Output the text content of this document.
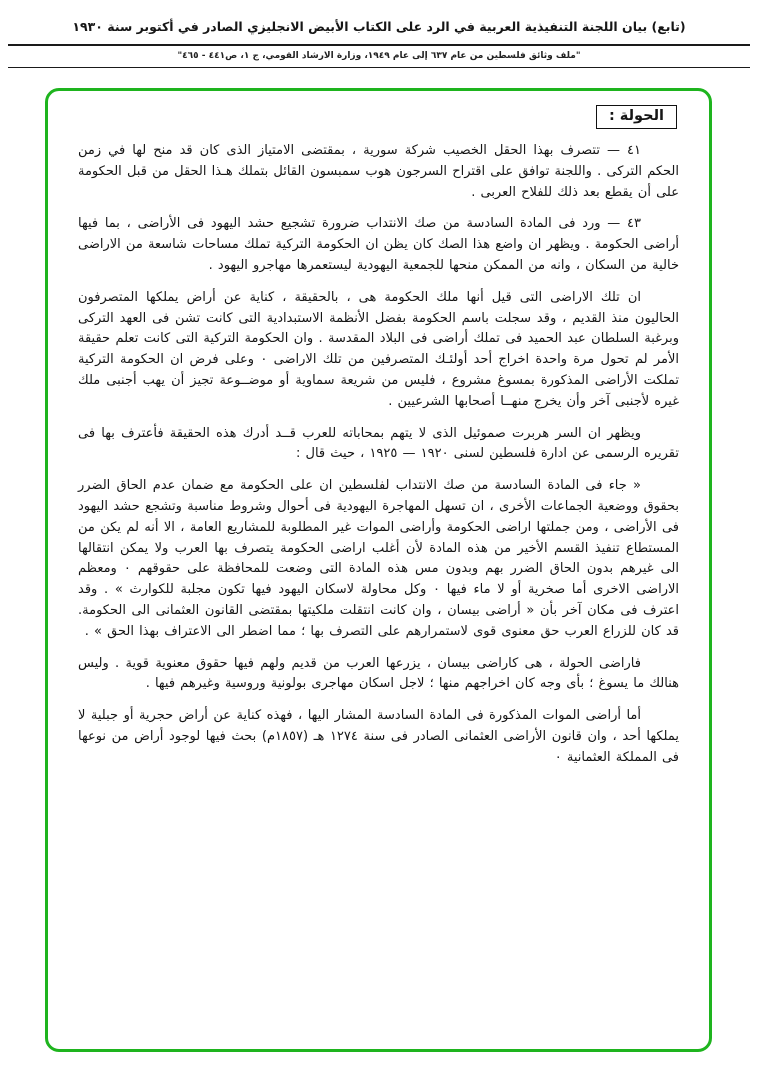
(تابع) بيان اللجنة التنفيذية العربية في الرد على الكتاب الأبيض الانجليزي الصادر في أكتوبر سنة ١٩٣٠
"ملف وثائق فلسطين من عام ٦٣٧ إلى عام ١٩٤٩، وزارة الارشاد القومي، ج ١، ص٤٤١ - ٤٦٥"
الحولة :

٤١ — تتصرف بهذا الحقل الخصيب شركة سورية ، بمقتضى الامتياز الذى كان قد منح لها في زمن الحكم التركى . واللجنة توافق على اقتراح السرجون هوب سمبسون القائل بتملك هـذا الحقل من قبل الحكومة على أن يقطع بعد ذلك للفلاح العربى .

٤٣ — ورد فى المادة السادسة من صك الانتداب ضرورة تشجيع حشد اليهود فى الأراضى ، بما فيها أراضى الحكومة . ويظهر ان واضع هذا الصك كان يظن ان الحكومة التركية تملك مساحات شاسعة من الاراضى خالية من السكان ، وانه من الممكن منحها للجمعية اليهودية ليستعمرها مهاجرو اليهود .

ان تلك الاراضى التى قيل أنها ملك الحكومة هى ، بالحقيقة ، كناية عن أراض يملكها المتصرفون الحاليون منذ القديم ، وقد سجلت باسم الحكومة بفضل الأنظمة الاستبدادية التى كانت تشن فى العهد التركى وبرغبة السلطان عبد الحميد فى تملك أراضى فى البلاد المقدسة . وان الحكومة التركية التى كانت تعلم حقيقة الأمر لم تحول مرة واحدة اخراج أحد أولئـك المتصرفين من تلك الاراضى ٠ وعلى فرض ان الحكومة التركية تملكت الأراضى المذكورة بمسوغ مشروع ، فليس من شريعة سماوية أو موضــوعة تجيز أن يهب أجنبى ملك غيره لأجنبى آخر وأن يخرج منهــا أصحابها الشرعيين .

ويظهر ان السر هربرت صموئيل الذى لا يتهم بمحاباته للعرب قــد أدرك هذه الحقيقة فأعترف بها فى تقريره الرسمى عن ادارة فلسطين لسنى ١٩٢٠ — ١٩٢٥ ، حيث قال :

« جاء فى المادة السادسة من صك الانتداب لفلسطين ان على الحكومة مع ضمان عدم الحاق الضرر بحقوق ووضعية الجماعات الأخرى ، ان تسهل المهاجرة اليهودية فى أحوال وشروط مناسبة وتشجع حشد اليهود فى الأراضى ، ومن جملتها اراضى الحكومة وأراضى الموات غير المطلوبة للمشاريع العامة ، الا أنه لم يكن من المستطاع تنفيذ القسم الأخير من هذه المادة لأن أغلب اراضى الحكومة يتصرف بها العرب ولا يمكن انتقالها الى غيرهم بدون الحاق الضرر بهم وبدون مس هذه المادة التى وضعت للمحافظة على حقوقهم ٠ ومعظم الاراضى الاخرى أما صخرية أو لا ماء فيها ٠ وكل محاولة لاسكان اليهود فيها تكون مجلبة للكوارث » . وقد اعترف فى مكان آخر بأن « أراضى بيسان ، وان كانت انتقلت ملكيتها بمقتضى القانون العثمانى الى الحكومة. قد كان للزراع العرب حق معنوى قوى لاستمرارهم على التصرف بها ؛ مما اضطر الى الاعتراف بهذا الحق » .

فاراضى الحولة ، هى كاراضى بيسان ، يزرعها العرب من قديم ولهم فيها حقوق معنوية قوية . وليس هنالك ما يسوغ ؛ بأى وجه كان اخراجهم منها ؛ لاجل اسكان مهاجرى بولونية وروسية وغيرهم فيها .

أما أراضى الموات المذكورة فى المادة السادسة المشار اليها ، فهذه كناية عن أراض حجرية أو جبلية لا يملكها أحد ، وان قانون الأراضى العثمانى الصادر فى سنة ١٢٧٤ هـ (١٨٥٧م) بحث فيها لوجود أراض من نوعها فى المملكة العثمانية ٠
